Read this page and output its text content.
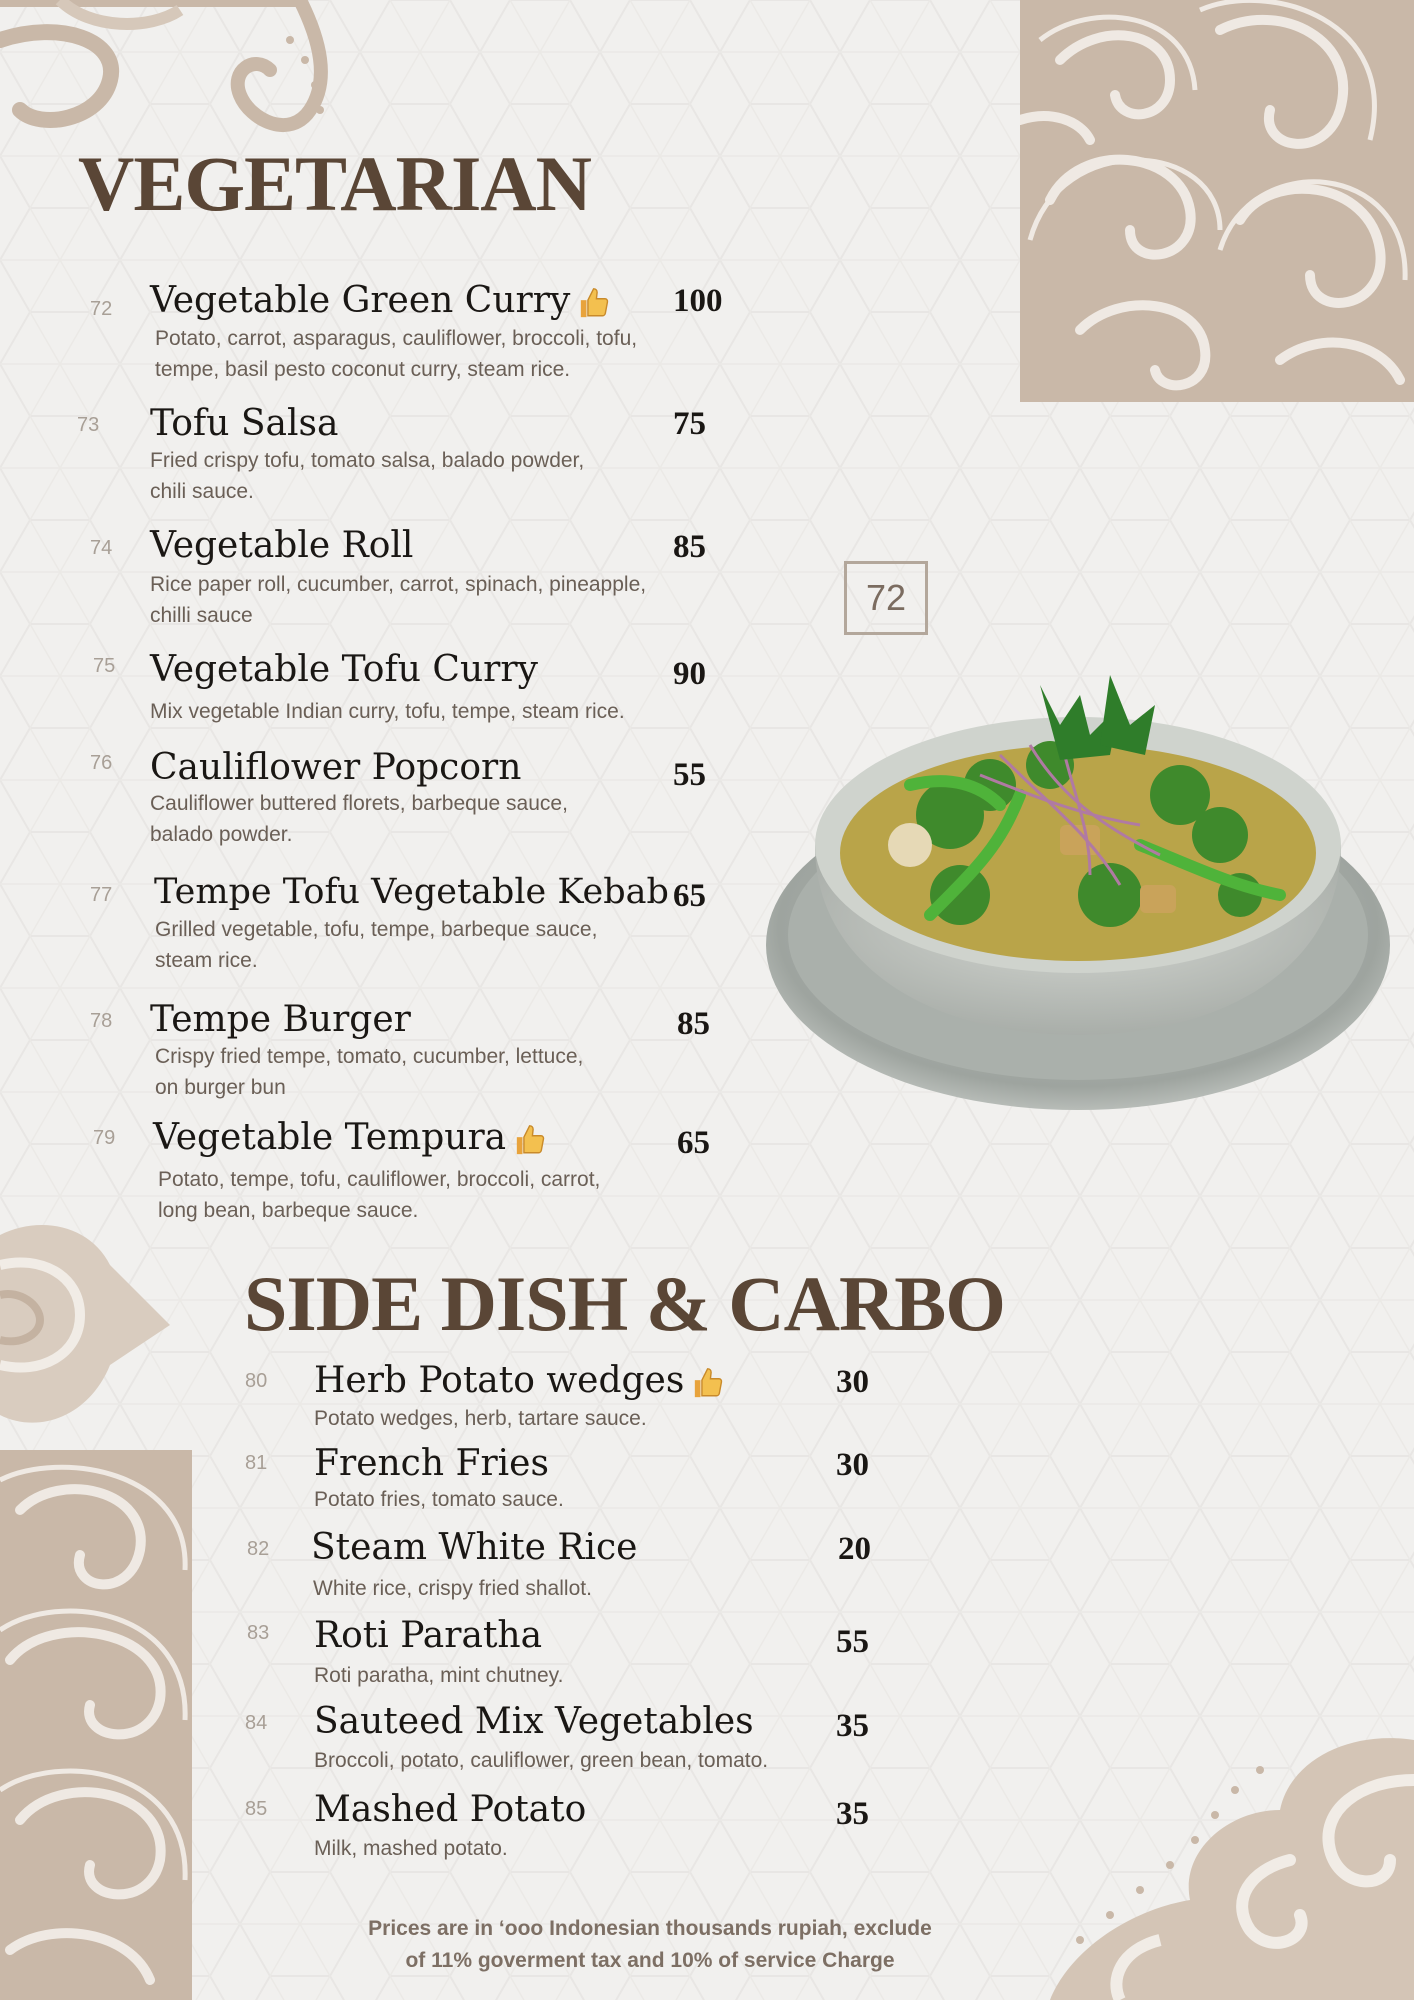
72
VEGETARIAN
72 Vegetable Green Curry	100
Potato, carrot, asparagus, cauliflower, broccoli, tofu,
tempe, basil pesto coconut curry, steam rice.
73 Tofu Salsa	75
Fried crispy tofu, tomato salsa, balado powder,
chili sauce.
74 Vegetable Roll	85
Rice paper roll, cucumber, carrot, spinach, pineapple,
chilli sauce
75 Vegetable Tofu Curry	90
Mix vegetable Indian curry, tofu, tempe, steam rice.
76 Cauliflower Popcorn	55
Cauliflower buttered florets, barbeque sauce,
balado powder.
77 Tempe Tofu Vegetable Kebab 65
Grilled vegetable, tofu, tempe, barbeque sauce,
steam rice.
78 Tempe Burger	85
Crispy fried tempe, tomato, cucumber, lettuce,
on burger bun
79 Vegetable Tempura	65
Potato, tempe, tofu, cauliflower, broccoli, carrot,
long bean, barbeque sauce.
SIDE DISH & CARBO
80 Herb Potato wedges	30
Potato wedges, herb, tartare sauce.
81 French Fries	30
Potato fries, tomato sauce.
82 Steam White Rice	20
White rice, crispy fried shallot.
83 Roti Paratha	55
Roti paratha, mint chutney.
84 Sauteed Mix Vegetables 35
Broccoli, potato, cauliflower, green bean, tomato.
85 Mashed Potato	35
Milk, mashed potato.
Prices are in ‘ooo Indonesian thousands rupiah, exclude
of 11% goverment tax and 10% of service Charge
